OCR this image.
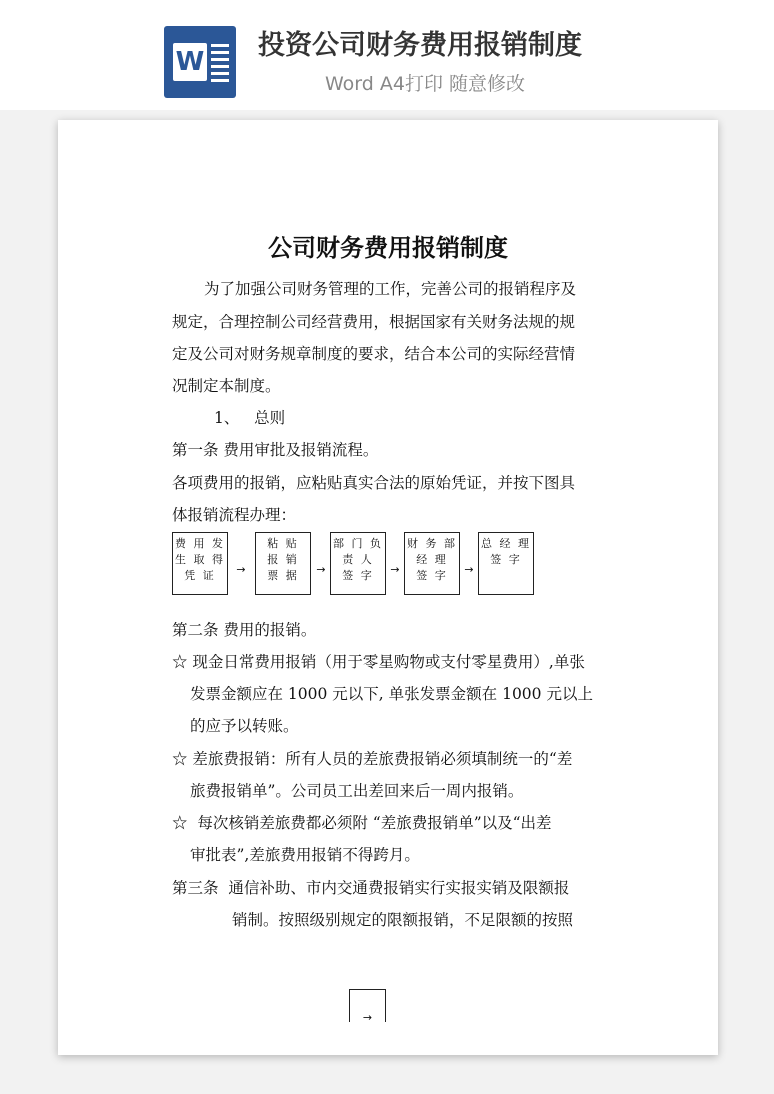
W
投资公司财务费用报销制度
Word A4打印 随意修改
公司财务费用报销制度
为了加强公司财务管理的工作，完善公司的报销程序及
规定，合理控制公司经营费用，根据国家有关财务法规的规
定及公司对财务规章制度的要求，结合本公司的实际经营情
况制定本制度。
1、   总则
第一条 费用审批及报销流程。
各项费用的报销，应粘贴真实合法的原始凭证，并按下图具
体报销流程办理：
费 用 发
生 取 得
凭 证	→
粘 贴
报 销
票 据	→
部 门 负
责 人
签 字	→
财 务 部
经 理
签 字	→
总 经 理
签 字
第二条 费用的报销。
☆ 现金日常费用报销（用于零星购物或支付零星费用）,单张
发票金额应在 1000 元以下, 单张发票金额在 1000 元以上
的应予以转账。
☆ 差旅费报销：所有人员的差旅费报销必须填制统一的“差
旅费报销单”。公司员工出差回来后一周内报销。
☆  每次核销差旅费都必须附 “差旅费报销单”以及“出差
审批表”,差旅费用报销不得跨月。
第三条  通信补助、市内交通费报销实行实报实销及限额报
销制。按照级别规定的限额报销，不足限额的按照
→
